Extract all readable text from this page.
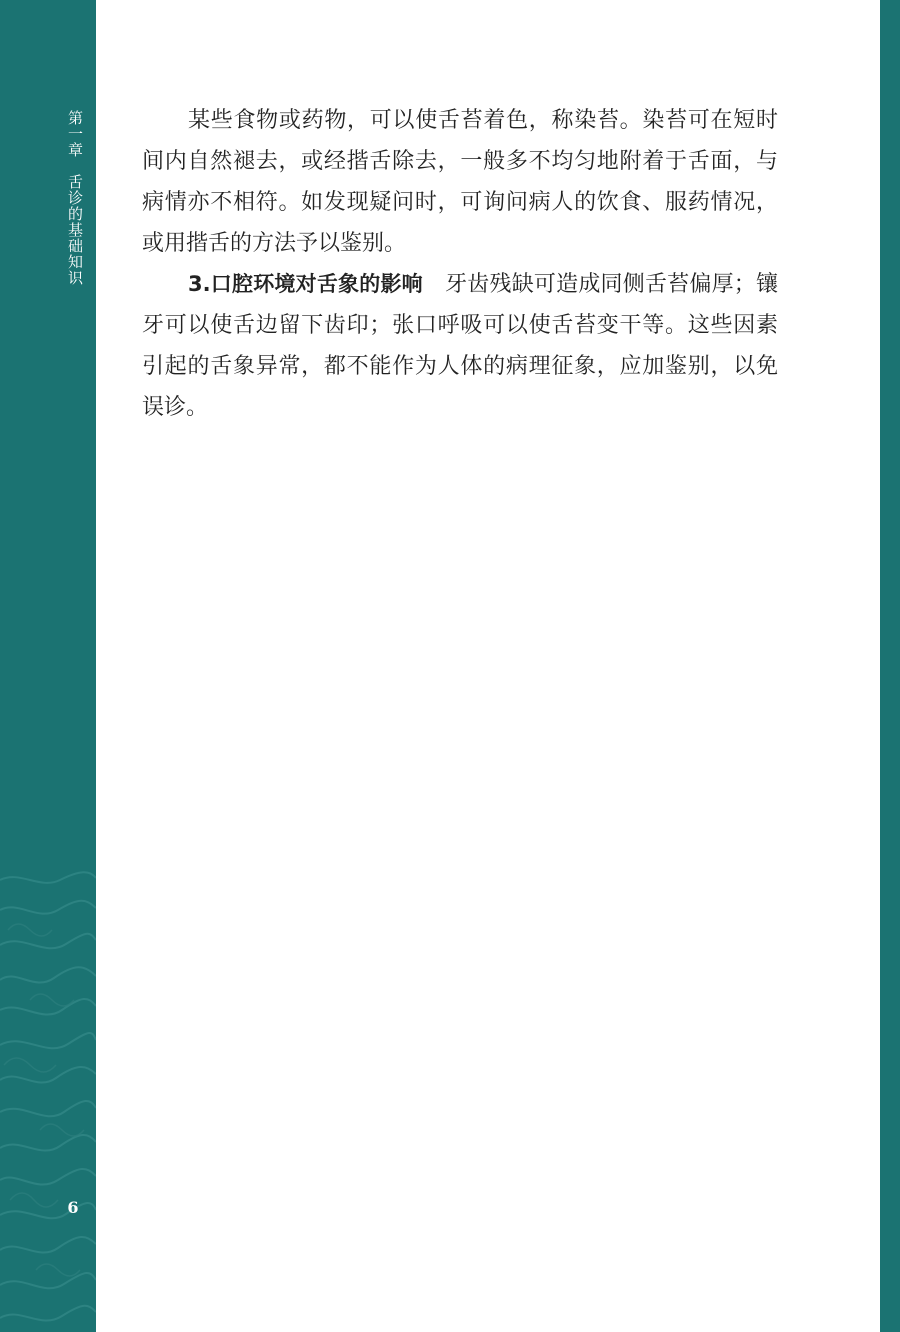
第一章　舌诊的基础知识
6

某些食物或药物，可以使舌苔着色，称染苔。染苔可在短时间内自然褪去，或经揩舌除去，一般多不均匀地附着于舌面，与病情亦不相符。如发现疑问时，可询问病人的饮食、服药情况，或用揩舌的方法予以鉴别。

3.口腔环境对舌象的影响 牙齿残缺可造成同侧舌苔偏厚；镶牙可以使舌边留下齿印；张口呼吸可以使舌苔变干等。这些因素引起的舌象异常，都不能作为人体的病理征象，应加鉴别，以免误诊。
